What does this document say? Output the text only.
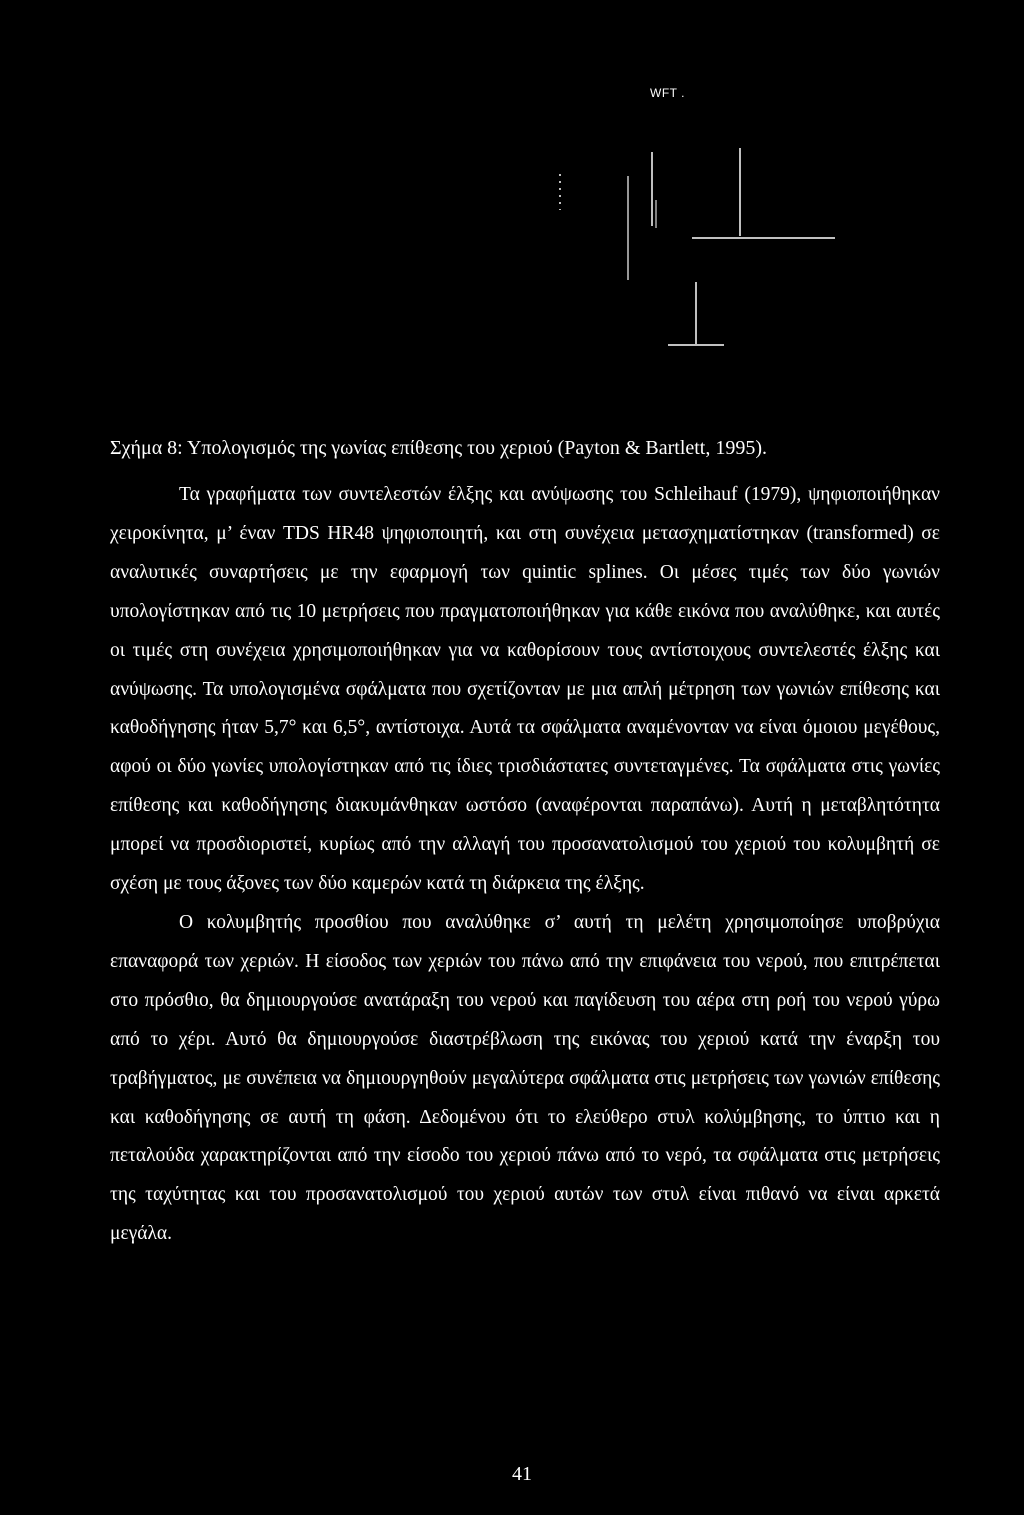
WFT .
Σχήμα 8: Υπολογισμός της γωνίας επίθεσης του χεριού (Payton & Bartlett, 1995).

Τα γραφήματα των συντελεστών έλξης και ανύψωσης του Schleihauf (1979), ψηφιοποιήθηκαν χειροκίνητα, μ’ έναν TDS HR48 ψηφιοποιητή, και στη συνέχεια μετασχηματίστηκαν (transformed) σε αναλυτικές συναρτήσεις με την εφαρμογή των quintic splines. Οι μέσες τιμές των δύο γωνιών υπολογίστηκαν από τις 10 μετρήσεις που πραγματοποιήθηκαν για κάθε εικόνα που αναλύθηκε, και αυτές οι τιμές στη συνέχεια χρησιμοποιήθηκαν για να καθορίσουν τους αντίστοιχους συντελεστές έλξης και ανύψωσης. Τα υπολογισμένα σφάλματα που σχετίζονταν με μια απλή μέτρηση των γωνιών επίθεσης και καθοδήγησης ήταν 5,7° και 6,5°, αντίστοιχα. Αυτά τα σφάλματα αναμένονταν να είναι όμοιου μεγέθους, αφού οι δύο γωνίες υπολογίστηκαν από τις ίδιες τρισδιάστατες συντεταγμένες. Τα σφάλματα στις γωνίες επίθεσης και καθοδήγησης διακυμάνθηκαν ωστόσο (αναφέρονται παραπάνω). Αυτή η μεταβλητότητα μπορεί να προσδιοριστεί, κυρίως από την αλλαγή του προσανατολισμού του χεριού του κολυμβητή σε σχέση με τους άξονες των δύο καμερών κατά τη διάρκεια της έλξης.

Ο κολυμβητής προσθίου που αναλύθηκε σ’ αυτή τη μελέτη χρησιμοποίησε υποβρύχια επαναφορά των χεριών. Η είσοδος των χεριών του πάνω από την επιφάνεια του νερού, που επιτρέπεται στο πρόσθιο, θα δημιουργούσε ανατάραξη του νερού και παγίδευση του αέρα στη ροή του νερού γύρω από το χέρι. Αυτό θα δημιουργούσε διαστρέβλωση της εικόνας του χεριού κατά την έναρξη του τραβήγματος, με συνέπεια να δημιουργηθούν μεγαλύτερα σφάλματα στις μετρήσεις των γωνιών επίθεσης και καθοδήγησης σε αυτή τη φάση. Δεδομένου ότι το ελεύθερο στυλ κολύμβησης, το ύπτιο και η πεταλούδα χαρακτηρίζονται από την είσοδο του χεριού πάνω από το νερό, τα σφάλματα στις μετρήσεις της ταχύτητας και του προσανατολισμού του χεριού αυτών των στυλ είναι πιθανό να είναι αρκετά μεγάλα.

41
